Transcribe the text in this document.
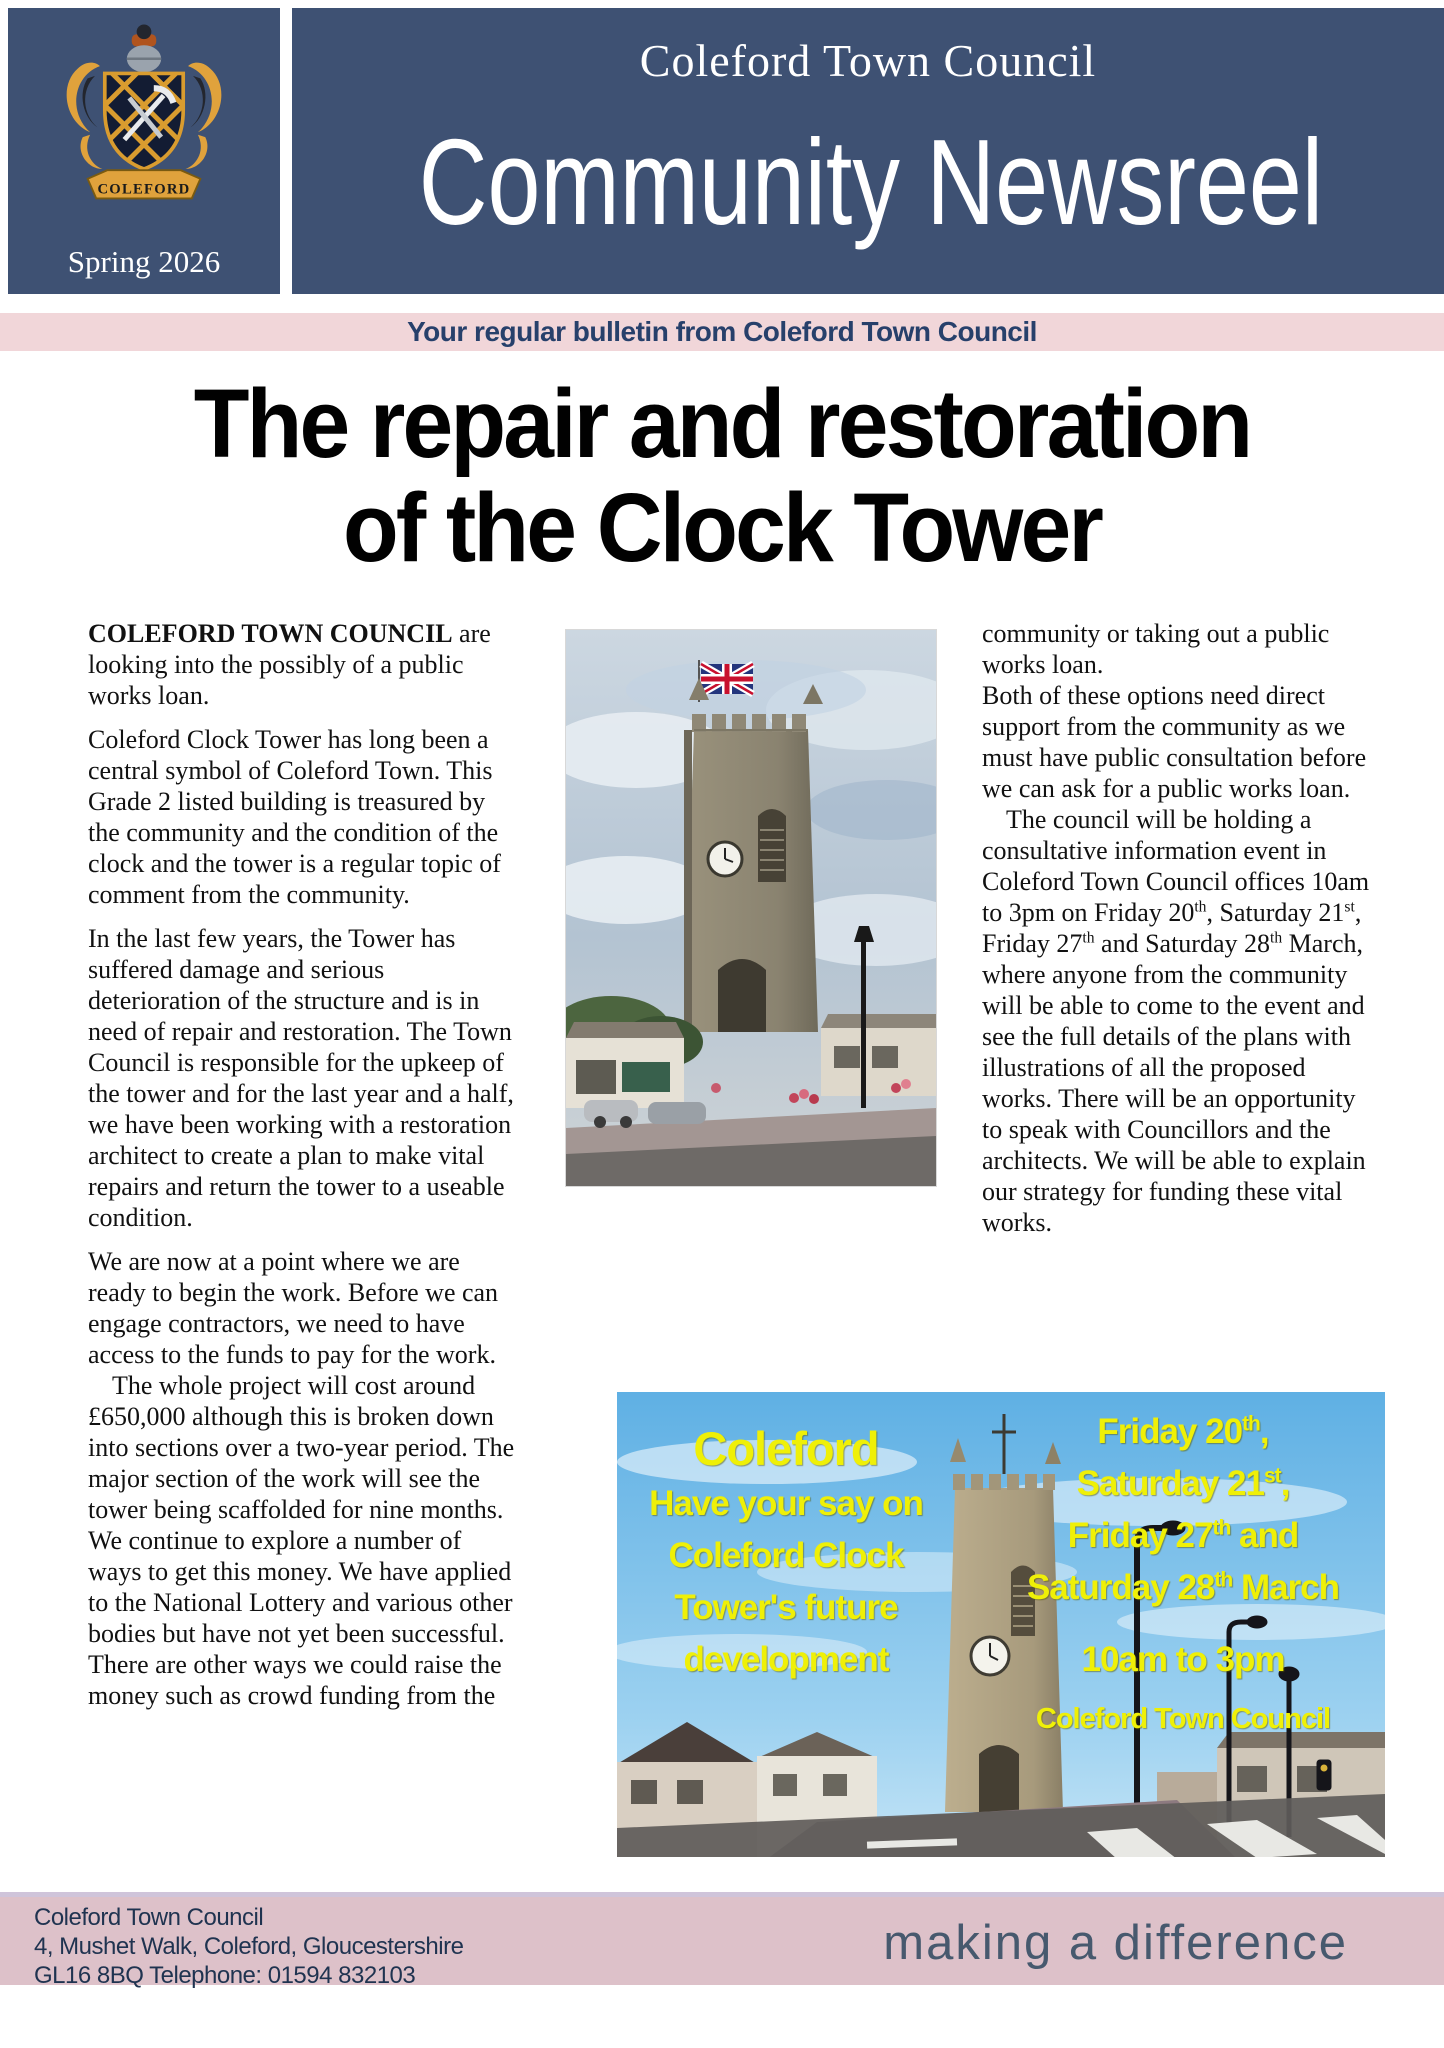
COLEFORD
Spring 2026
Coleford Town Council
Community Newsreel
Your regular bulletin from Coleford Town Council
The repair and restoration
of the Clock Tower

COLEFORD TOWN COUNCIL are looking into the possibly of a public works loan.

Coleford Clock Tower has long been a central symbol of Coleford Town. This Grade 2 listed building is treasured by the community and the condition of the clock and the tower is a regular topic of comment from the community.

In the last few years, the Tower has suffered damage and serious deterioration of the structure and is in need of repair and restoration. The Town Council is responsible for the upkeep of the tower and for the last year and a half, we have been working with a restoration architect to create a plan to make vital repairs and return the tower to a useable condition.

We are now at a point where we are ready to begin the work. Before we can engage contractors, we need to have access to the funds to pay for the work.

The whole project will cost around £650,000 although this is broken down into sections over a two-year period. The major section of the work will see the tower being scaffolded for nine months. We continue to explore a number of ways to get this money. We have applied to the National Lottery and various other bodies but have not yet been successful. There are other ways we could raise the money such as crowd funding from the

community or taking out a public works loan.

Both of these options need direct support from the community as we must have public consultation before we can ask for a public works loan.

The council will be holding a consultative information event in Coleford Town Council offices 10am to 3pm on Friday 20th, Saturday 21st, Friday 27th and Saturday 28th March, where anyone from the community will be able to come to the event and see the full details of the plans with illustrations of all the proposed works. There will be an opportunity to speak with Councillors and the architects. We will be able to explain our strategy for funding these vital works.

Coleford
Have your say on
Coleford Clock
Tower's future
development
Friday 20th,
Saturday 21st,
Friday 27th and
Saturday 28th March
10am to 3pm
Coleford Town Council
Coleford Town Council
4, Mushet Walk, Coleford, Gloucestershire
GL16 8BQ Telephone: 01594 832103
making a difference
